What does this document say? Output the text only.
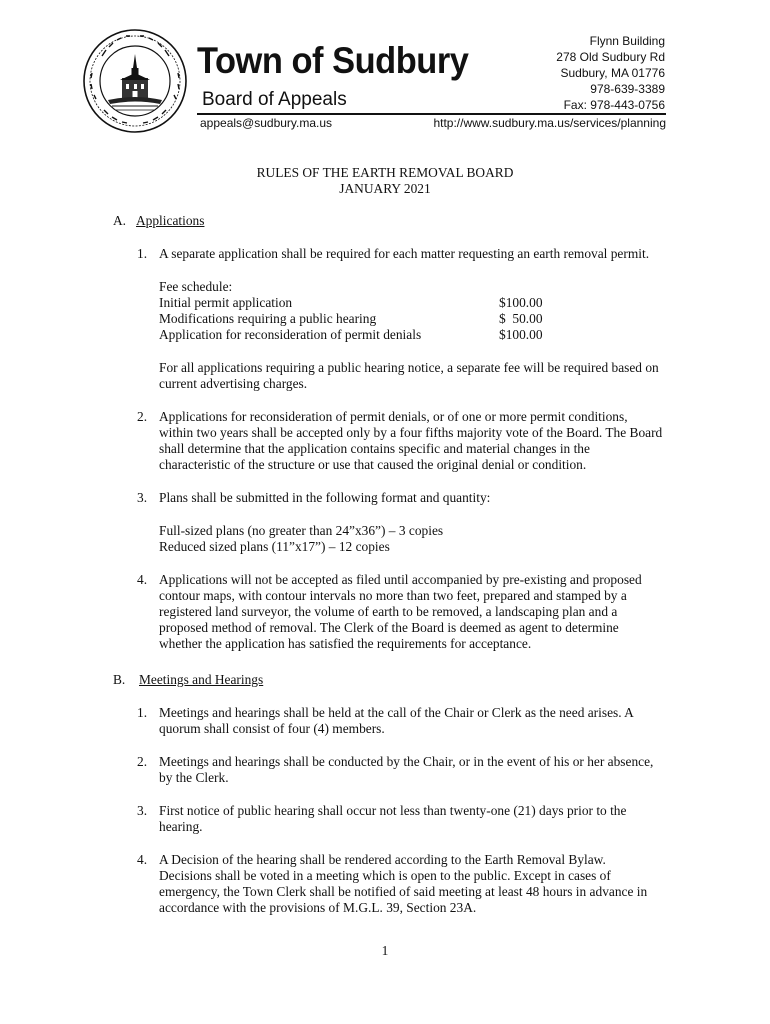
Town of Sudbury
Board of Appeals
Flynn Building
278 Old Sudbury Rd
Sudbury, MA 01776
978-639-3389
Fax: 978-443-0756
appeals@sudbury.ma.us	http://www.sudbury.ma.us/services/planning
RULES OF THE EARTH REMOVAL BOARD
JANUARY 2021
A. Applications
1. A separate application shall be required for each matter requesting an earth removal permit.
Fee schedule:
Initial permit application	$100.00
Modifications requiring a public hearing	$  50.00
Application for reconsideration of permit denials	$100.00
For all applications requiring a public hearing notice, a separate fee will be required based on
current advertising charges.
2. Applications for reconsideration of permit denials, or of one or more permit conditions,
within two years shall be accepted only by a four fifths majority vote of the Board. The Board
shall determine that the application contains specific and material changes in the
characteristic of the structure or use that caused the original denial or condition.
3. Plans shall be submitted in the following format and quantity:
Full-sized plans (no greater than 24”x36”) – 3 copies
Reduced sized plans (11”x17”) – 12 copies
4. Applications will not be accepted as filed until accompanied by pre-existing and proposed
contour maps, with contour intervals no more than two feet, prepared and stamped by a
registered land surveyor, the volume of earth to be removed, a landscaping plan and a
proposed method of removal. The Clerk of the Board is deemed as agent to determine
whether the application has satisfied the requirements for acceptance.
B. Meetings and Hearings
1. Meetings and hearings shall be held at the call of the Chair or Clerk as the need arises. A
quorum shall consist of four (4) members.
2. Meetings and hearings shall be conducted by the Chair, or in the event of his or her absence,
by the Clerk.
3. First notice of public hearing shall occur not less than twenty-one (21) days prior to the
hearing.
4. A Decision of the hearing shall be rendered according to the Earth Removal Bylaw.
Decisions shall be voted in a meeting which is open to the public. Except in cases of
emergency, the Town Clerk shall be notified of said meeting at least 48 hours in advance in
accordance with the provisions of M.G.L. 39, Section 23A.
1
